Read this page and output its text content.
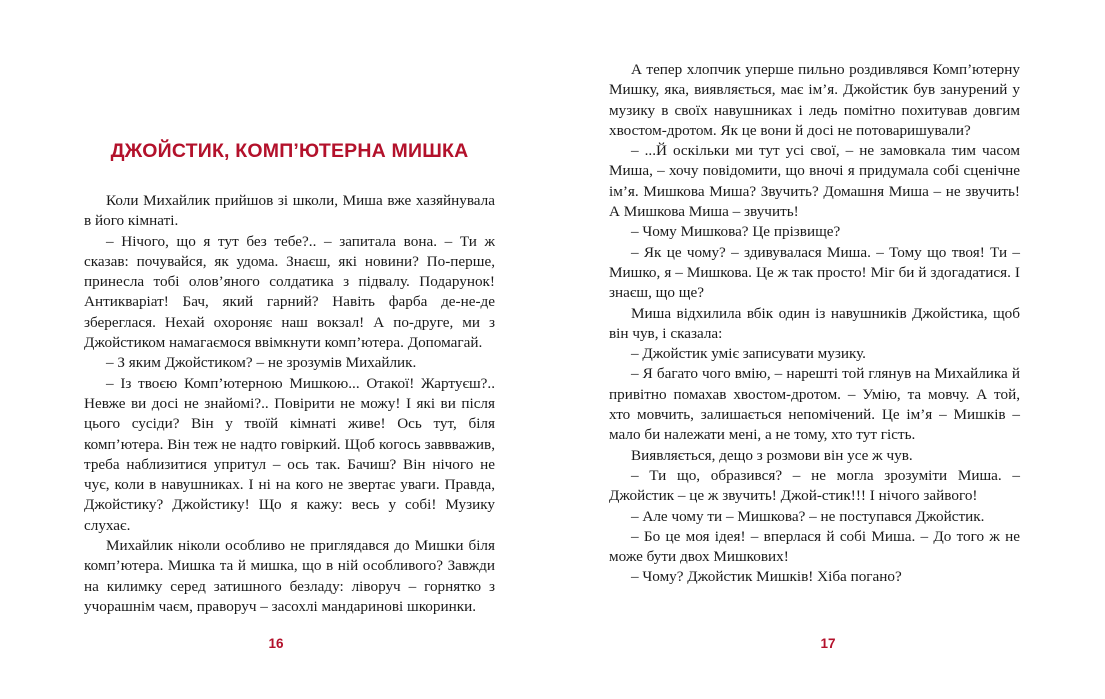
ДЖОЙСТИК, КОМП’ЮТЕРНА МИШКА

Коли Михайлик прийшов зі школи, Миша вже хазяйнувала в його кімнаті.

– Нічого, що я тут без тебе?.. – запитала вона. – Ти ж сказав: почувайся, як удома. Знаєш, які новини? По-перше, принесла тобі олов’яного солдатика з підвалу. Подарунок! Антикваріат! Бач, який гарний? Навіть фарба де-не-де збереглася. Нехай охороняє наш вокзал! А по-друге, ми з Джойстиком намагаємося ввімкнути комп’ютера. Допомагай.

– З яким Джойстиком? – не зрозумів Михайлик.

– Із твоєю Комп’ютерною Мишкою... Отакої! Жартуєш?.. Невже ви досі не знайомі?.. Повірити не можу! І які ви після цього сусіди? Він у твоїй кімнаті живе! Ось тут, біля комп’ютера. Він теж не надто говіркий. Щоб когось заввважив, треба наблизитися упритул – ось так. Бачиш? Він нічого не чує, коли в навушниках. І ні на кого не звертає уваги. Правда, Джойстику? Джойстику! Що я кажу: весь у собі! Музику слухає.

Михайлик ніколи особливо не приглядався до Мишки біля комп’ютера. Мишка та й мишка, що в ній особливого? Завжди на килимку серед затишного безладу: ліворуч – горнятко з учорашнім чаєм, праворуч – засохлі мандаринові шкоринки.

16

А тепер хлопчик уперше пильно роздивлявся Комп’ютерну Мишку, яка, виявляється, має ім’я. Джойстик був занурений у музику в своїх навушниках і ледь помітно похитував довгим хвостом-дротом. Як це вони й досі не потоваришували?

– ...Й оскільки ми тут усі свої, – не замовкала тим часом Миша, – хочу повідомити, що вночі я придумала собі сценічне ім’я. Мишкова Миша? Звучить? Домашня Миша – не звучить! А Мишкова Миша – звучить!

– Чому Мишкова? Це прізвище?

– Як це чому? – здивувалася Миша. – Тому що твоя! Ти – Мишко, я – Мишкова. Це ж так просто! Міг би й здогадатися. І знаєш, що ще?

Миша відхилила вбік один із навушників Джойстика, щоб він чув, і сказала:

– Джойстик уміє записувати музику.

– Я багато чого вмію, – нарешті той глянув на Михайлика й привітно помахав хвостом-дротом. – Умію, та мовчу. А той, хто мовчить, залишається непомічений. Це ім’я – Мишків – мало би належати мені, а не тому, хто тут гість.

Виявляється, дещо з розмови він усе ж чув.

– Ти що, образився? – не могла зрозуміти Миша. – Джойстик – це ж звучить! Джой-стик!!! І нічого зайвого!

– Але чому ти – Мишкова? – не поступався Джойстик.

– Бо це моя ідея! – вперлася й собі Миша. – До того ж не може бути двох Мишкових!

– Чому? Джойстик Мишків! Хіба погано?

17
